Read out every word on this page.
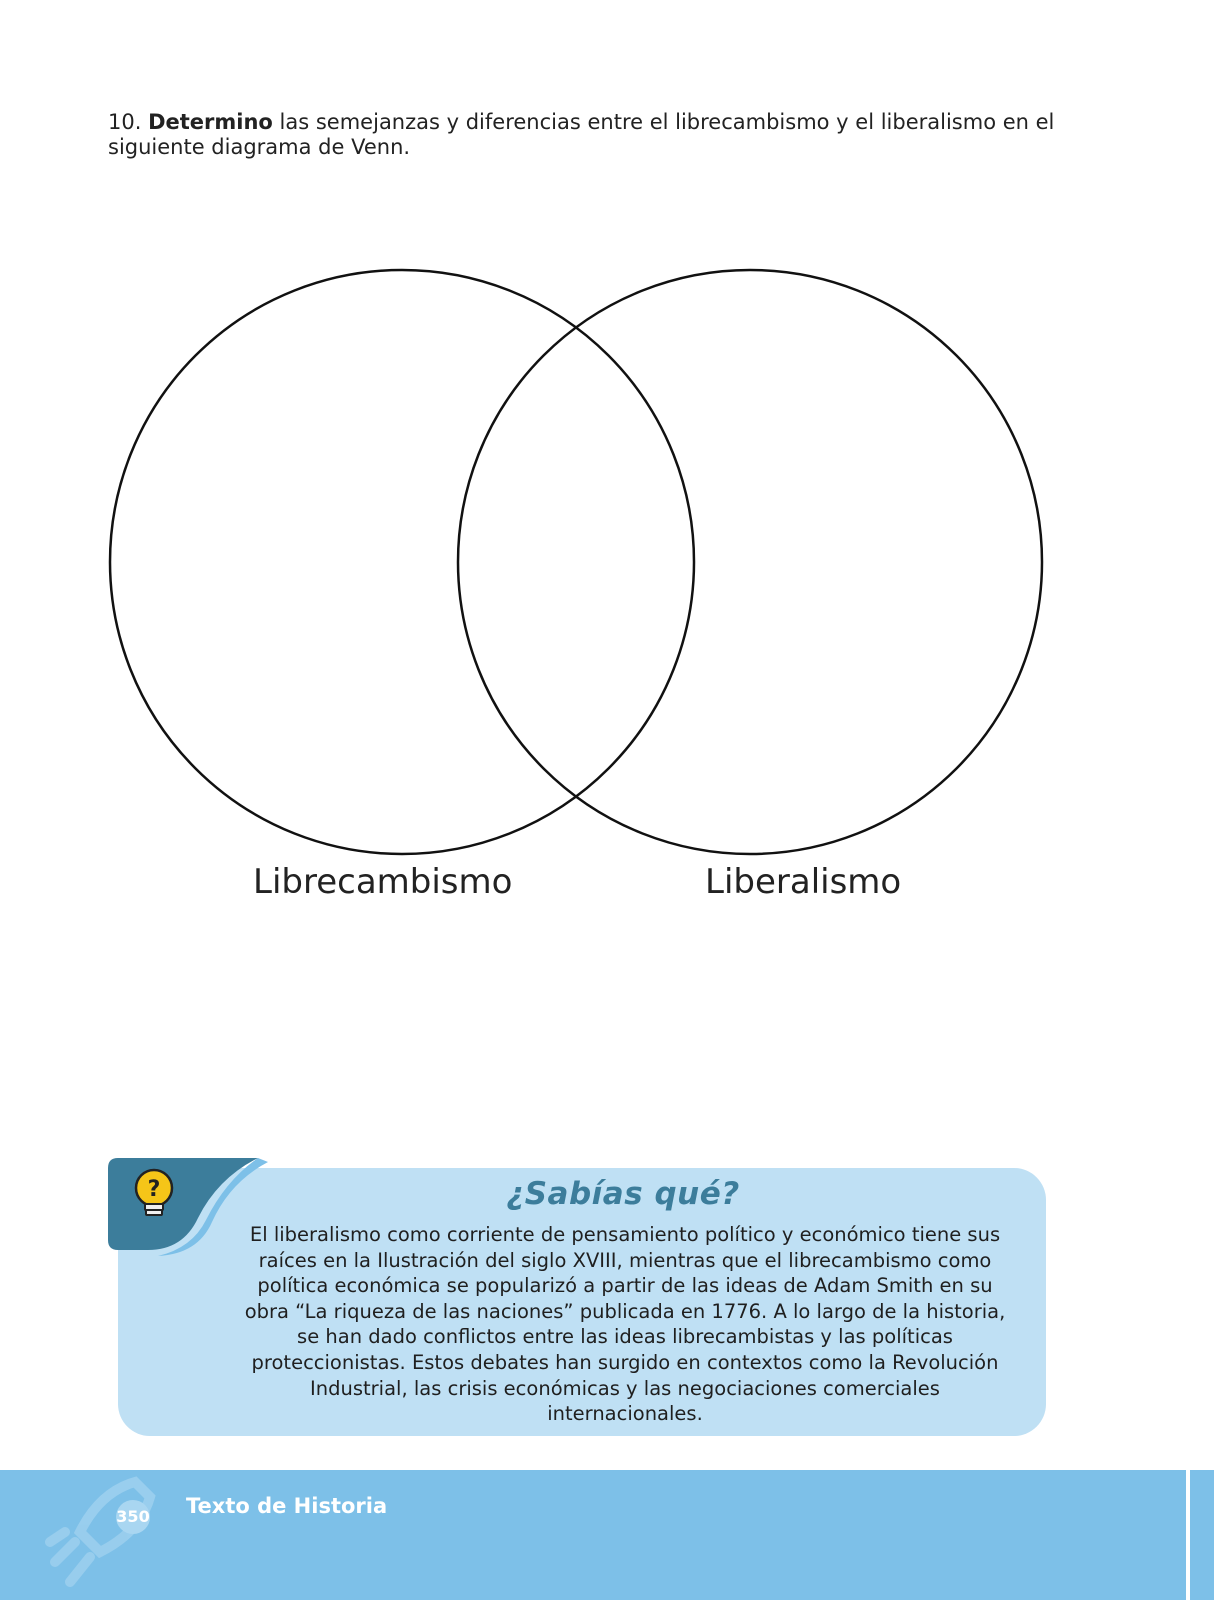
10. Determino las semejanzas y diferencias entre el librecambismo y el liberalismo en el siguiente diagrama de Venn.
Librecambismo	Liberalismo
?	¿Sabías qué?
El liberalismo como corriente de pensamiento político y económico tiene sus raíces en la Ilustración del siglo XVIII, mientras que el librecambismo como política económica se popularizó a partir de las ideas de Adam Smith en su obra “La riqueza de las naciones” publicada en 1776. A lo largo de la historia, se han dado conflictos entre las ideas librecambistas y las políticas proteccionistas. Estos debates han surgido en contextos como la Revolución Industrial, las crisis económicas y las negociaciones comerciales internacionales.
350 Texto de Historia
